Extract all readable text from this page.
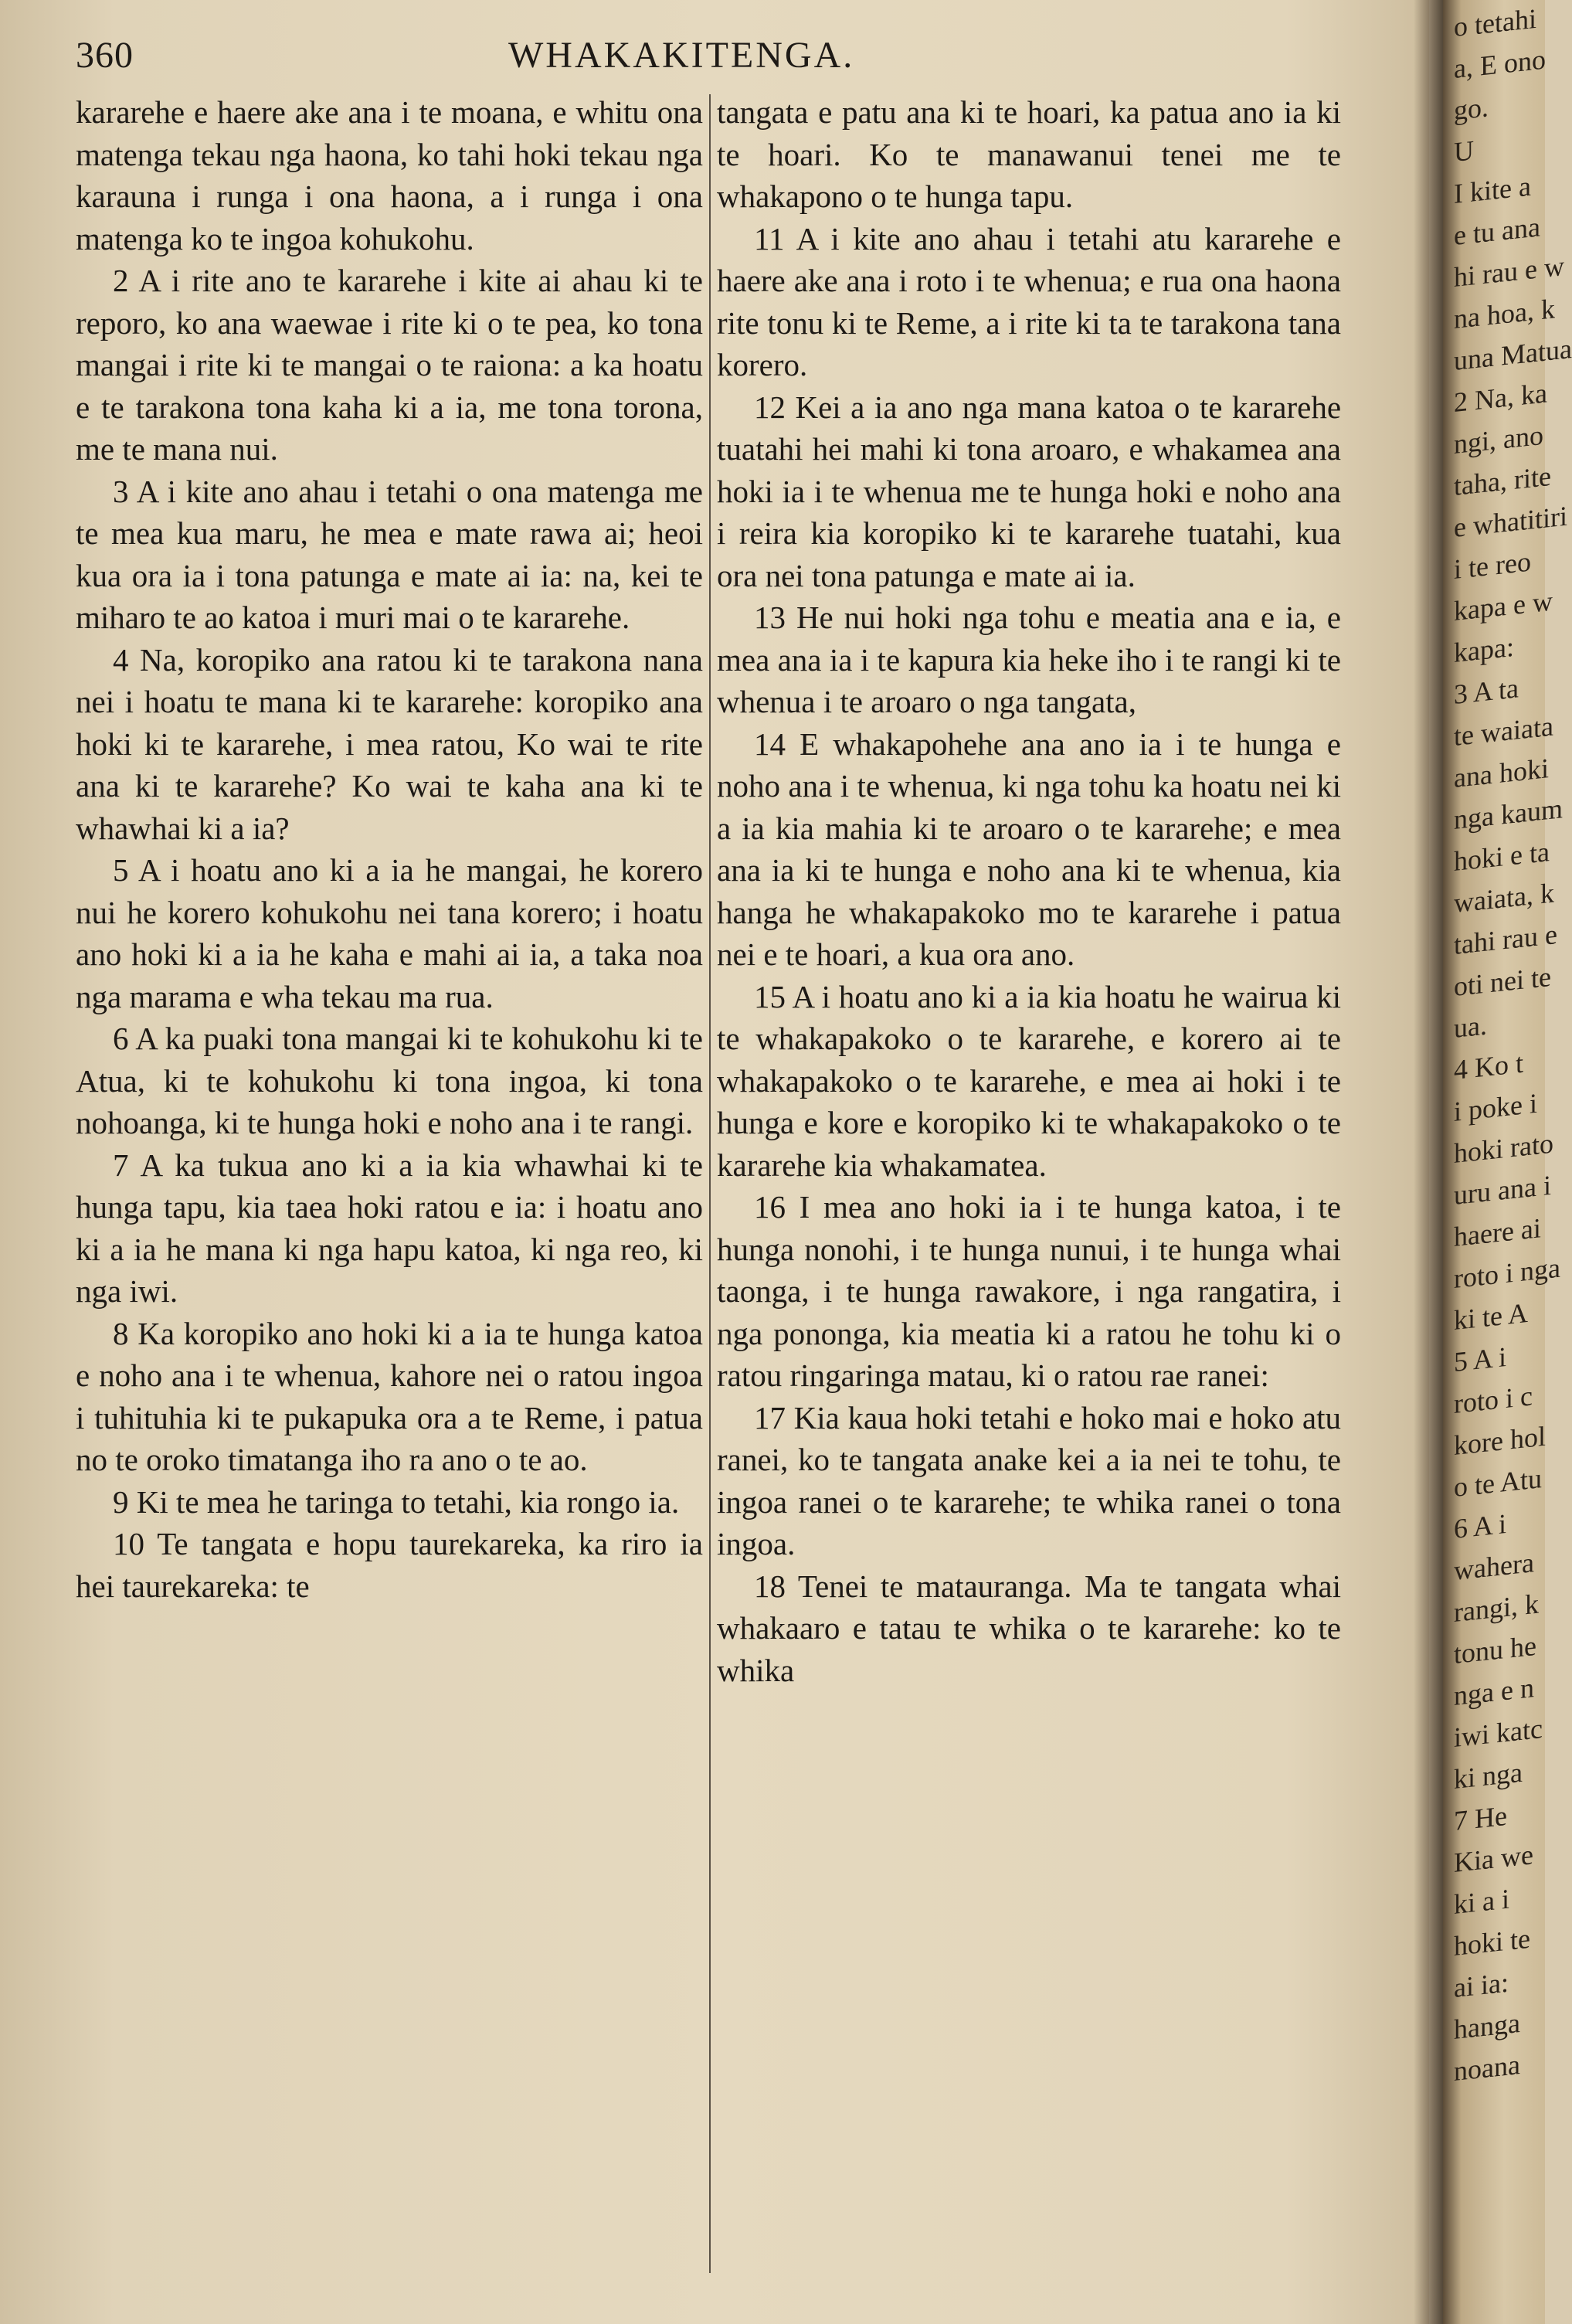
360	WHAKAKITENGA.

kararehe e haere ake ana i te moana, e whitu ona matenga tekau nga haona, ko tahi hoki tekau nga karauna i runga i ona haona, a i runga i ona matenga ko te ingoa kohukohu.

2 A i rite ano te kararehe i kite ai ahau ki te reporo, ko ana waewae i rite ki o te pea, ko tona mangai i rite ki te mangai o te raiona: a ka hoatu e te tarakona tona kaha ki a ia, me tona torona, me te mana nui.

3 A i kite ano ahau i tetahi o ona matenga me te mea kua maru, he mea e mate rawa ai; heoi kua ora ia i tona patunga e mate ai ia: na, kei te miharo te ao katoa i muri mai o te kararehe.

4 Na, koropiko ana ratou ki te tarakona nana nei i hoatu te mana ki te kararehe: koropiko ana hoki ki te kararehe, i mea ratou, Ko wai te rite ana ki te kararehe? Ko wai te kaha ana ki te whawhai ki a ia?

5 A i hoatu ano ki a ia he mangai, he korero nui he korero kohukohu nei tana korero; i hoatu ano hoki ki a ia he kaha e mahi ai ia, a taka noa nga marama e wha tekau ma rua.

6 A ka puaki tona mangai ki te kohukohu ki te Atua, ki te kohukohu ki tona ingoa, ki tona nohoanga, ki te hunga hoki e noho ana i te rangi.

7 A ka tukua ano ki a ia kia whawhai ki te hunga tapu, kia taea hoki ratou e ia: i hoatu ano ki a ia he mana ki nga hapu katoa, ki nga reo, ki nga iwi.

8 Ka koropiko ano hoki ki a ia te hunga katoa e noho ana i te whenua, kahore nei o ratou ingoa i tuhituhia ki te pukapuka ora a te Reme, i patua no te oroko timatanga iho ra ano o te ao.

9 Ki te mea he taringa to tetahi, kia rongo ia.

10 Te tangata e hopu taurekareka, ka riro ia hei taurekareka: te

tangata e patu ana ki te hoari, ka patua ano ia ki te hoari. Ko te manawanui tenei me te whakapono o te hunga tapu.

11 A i kite ano ahau i tetahi atu kararehe e haere ake ana i roto i te whenua; e rua ona haona rite tonu ki te Reme, a i rite ki ta te tarakona tana korero.

12 Kei a ia ano nga mana katoa o te kararehe tuatahi hei mahi ki tona aroaro, e whakamea ana hoki ia i te whenua me te hunga hoki e noho ana i reira kia koropiko ki te kararehe tuatahi, kua ora nei tona patunga e mate ai ia.

13 He nui hoki nga tohu e meatia ana e ia, e mea ana ia i te kapura kia heke iho i te rangi ki te whenua i te aroaro o nga tangata,

14 E whakapohehe ana ano ia i te hunga e noho ana i te whenua, ki nga tohu ka hoatu nei ki a ia kia mahia ki te aroaro o te kararehe; e mea ana ia ki te hunga e noho ana ki te whenua, kia hanga he whakapakoko mo te kararehe i patua nei e te hoari, a kua ora ano.

15 A i hoatu ano ki a ia kia hoatu he wairua ki te whakapakoko o te kararehe, e korero ai te whakapakoko o te kararehe, e mea ai hoki i te hunga e kore e koropiko ki te whakapakoko o te kararehe kia whakamatea.

16 I mea ano hoki ia i te hunga katoa, i te hunga nonohi, i te hunga nunui, i te hunga whai taonga, i te hunga rawakore, i nga rangatira, i nga pononga, kia meatia ki a ratou he tohu ki o ratou ringaringa matau, ki o ratou rae ranei:

17 Kia kaua hoki tetahi e hoko mai e hoko atu ranei, ko te tangata anake kei a ia nei te tohu, te ingoa ranei o te kararehe; te whika ranei o tona ingoa.

18 Tenei te matauranga. Ma te tangata whai whakaaro e tatau te whika o te kararehe: ko te whika

o tetahi
a, E ono
go.
U
I kite a
e tu ana
hi rau e w
na hoa, k
una Matua
2 Na, ka
ngi, ano
taha, rite
e whatitiri
i te reo
kapa e w
kapa:
3 A ta
te waiata
ana hoki
nga kaum
hoki e ta
waiata, k
tahi rau e
oti nei te
ua.
4 Ko t
i poke i
hoki rato
uru ana i
haere ai
roto i nga
ki te A
5 A i
roto i c
kore hol
o te Atu
6 A i
wahera
rangi, k
tonu he
nga e n
iwi katc
ki nga
7 He
Kia we
ki a i
hoki te
ai ia:
hanga
noana
